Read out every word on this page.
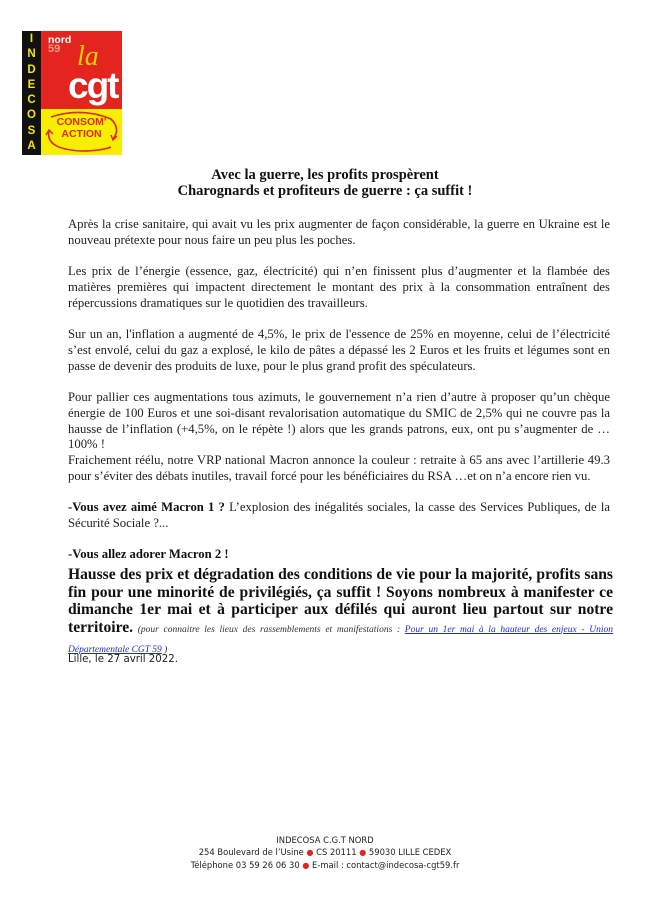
I
N
D
E
C
O
S
A
nord
59 la
cgt
CONSOM'
ACTION
Avec la guerre, les profits prospèrent
Charognards et profiteurs de guerre : ça suffit !
Après la crise sanitaire, qui avait vu les prix augmenter de façon considérable, la guerre en Ukraine est le nouveau prétexte pour nous faire un peu plus les poches.
Les prix de l’énergie (essence, gaz, électricité) qui n’en finissent plus d’augmenter et la flambée des matières premières qui impactent directement le montant des prix à la consommation entraînent des répercussions dramatiques sur le quotidien des travailleurs.
Sur un an, l'inflation a augmenté de 4,5%, le prix de l'essence de 25% en moyenne, celui de l’électricité s’est envolé, celui du gaz a explosé, le kilo de pâtes a dépassé les 2 Euros et les fruits et légumes sont en passe de devenir des produits de luxe, pour le plus grand profit des spéculateurs.
Pour pallier ces augmentations tous azimuts, le gouvernement n’a rien d’autre à proposer qu’un chèque énergie de 100 Euros et une soi-disant revalorisation automatique du SMIC de 2,5% qui ne couvre pas la hausse de l’inflation (+4,5%, on le répète !) alors que les grands patrons, eux, ont pu s’augmenter de … 100% !
Fraichement réélu, notre VRP national Macron annonce la couleur : retraite à 65 ans avec l’artillerie 49.3 pour s’éviter des débats inutiles, travail forcé pour les bénéficiaires du RSA …et on n’a encore rien vu.
-Vous avez aimé Macron 1 ? L’explosion des inégalités sociales, la casse des Services Publiques, de la Sécurité Sociale ?...
-Vous allez adorer Macron 2 !
Hausse des prix et dégradation des conditions de vie pour la majorité, profits sans fin pour une minorité de privilégiés, ça suffit ! Soyons nombreux à manifester ce dimanche 1er mai et à participer aux défilés qui auront lieu partout sur notre territoire. (pour connaitre les lieux des rassemblements et manifestations : Pour un 1er mai à la hauteur des enjeux - Union Départementale CGT 59 )
Lille, le 27 avril 2022.
INDECOSA C.G.T NORD
254 Boulevard de l’Usine ● CS 20111 ● 59030 LILLE CEDEX
Téléphone 03 59 26 06 30 ● E-mail : contact@indecosa-cgt59.fr
